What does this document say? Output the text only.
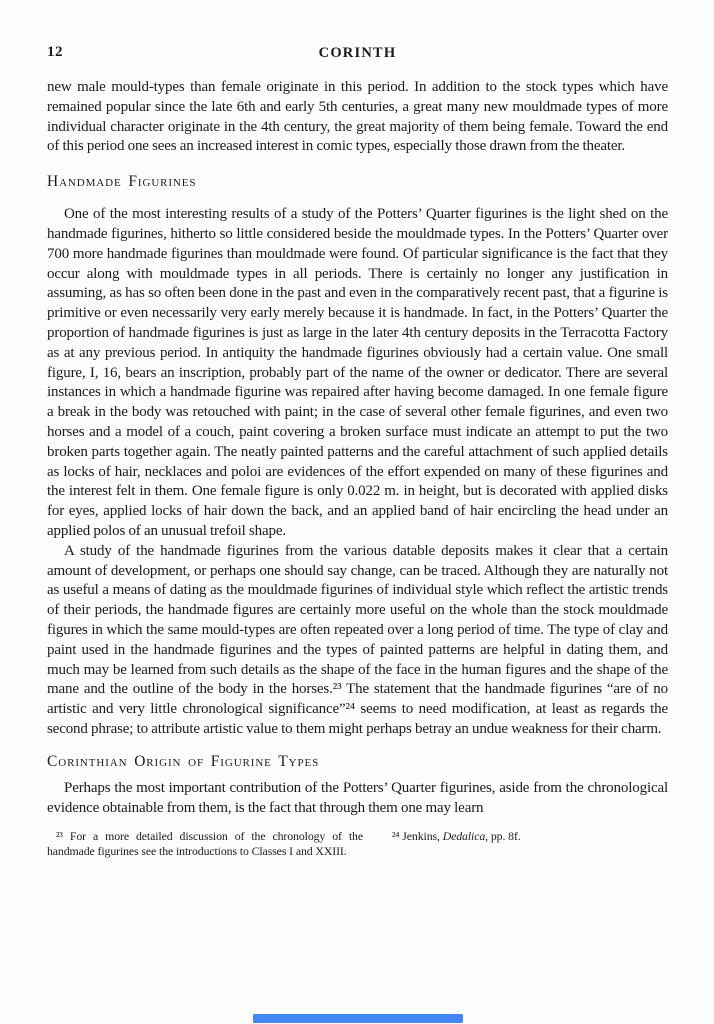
12	CORINTH

new male mould-types than female originate in this period. In addition to the stock types which have remained popular since the late 6th and early 5th centuries, a great many new mouldmade types of more individual character originate in the 4th century, the great majority of them being female. Toward the end of this period one sees an increased interest in comic types, especially those drawn from the theater.

Handmade Figurines

One of the most interesting results of a study of the Potters’ Quarter figurines is the light shed on the handmade figurines, hitherto so little considered beside the mouldmade types. In the Potters’ Quarter over 700 more handmade figurines than mouldmade were found. Of particular significance is the fact that they occur along with mouldmade types in all periods. There is certainly no longer any justification in assuming, as has so often been done in the past and even in the comparatively recent past, that a figurine is primitive or even necessarily very early merely because it is handmade. In fact, in the Potters’ Quarter the proportion of handmade figurines is just as large in the later 4th century deposits in the Terracotta Factory as at any previous period. In antiquity the handmade figurines obviously had a certain value. One small figure, I, 16, bears an inscription, probably part of the name of the owner or dedicator. There are several instances in which a handmade figurine was repaired after having become damaged. In one female figure a break in the body was retouched with paint; in the case of several other female figurines, and even two horses and a model of a couch, paint covering a broken surface must indicate an attempt to put the two broken parts together again. The neatly painted patterns and the careful attachment of such applied details as locks of hair, necklaces and poloi are evidences of the effort expended on many of these figurines and the interest felt in them. One female figure is only 0.022 m. in height, but is decorated with applied disks for eyes, applied locks of hair down the back, and an applied band of hair encircling the head under an applied polos of an unusual trefoil shape.

A study of the handmade figurines from the various datable deposits makes it clear that a certain amount of development, or perhaps one should say change, can be traced. Although they are naturally not as useful a means of dating as the mouldmade figurines of individual style which reflect the artistic trends of their periods, the handmade figures are certainly more useful on the whole than the stock mouldmade figures in which the same mould-types are often repeated over a long period of time. The type of clay and paint used in the handmade figurines and the types of painted patterns are helpful in dating them, and much may be learned from such details as the shape of the face in the human figures and the shape of the mane and the outline of the body in the horses.²³ The statement that the handmade figurines “are of no artistic and very little chronological significance”²⁴ seems to need modification, at least as regards the second phrase; to attribute artistic value to them might perhaps betray an undue weakness for their charm.

Corinthian Origin of Figurine Types

Perhaps the most important contribution of the Potters’ Quarter figurines, aside from the chronological evidence obtainable from them, is the fact that through them one may learn

²³ For a more detailed discussion of the chronology of the handmade figurines see the introductions to Classes I and XXIII.
²⁴ Jenkins, Dedalica, pp. 8f.
